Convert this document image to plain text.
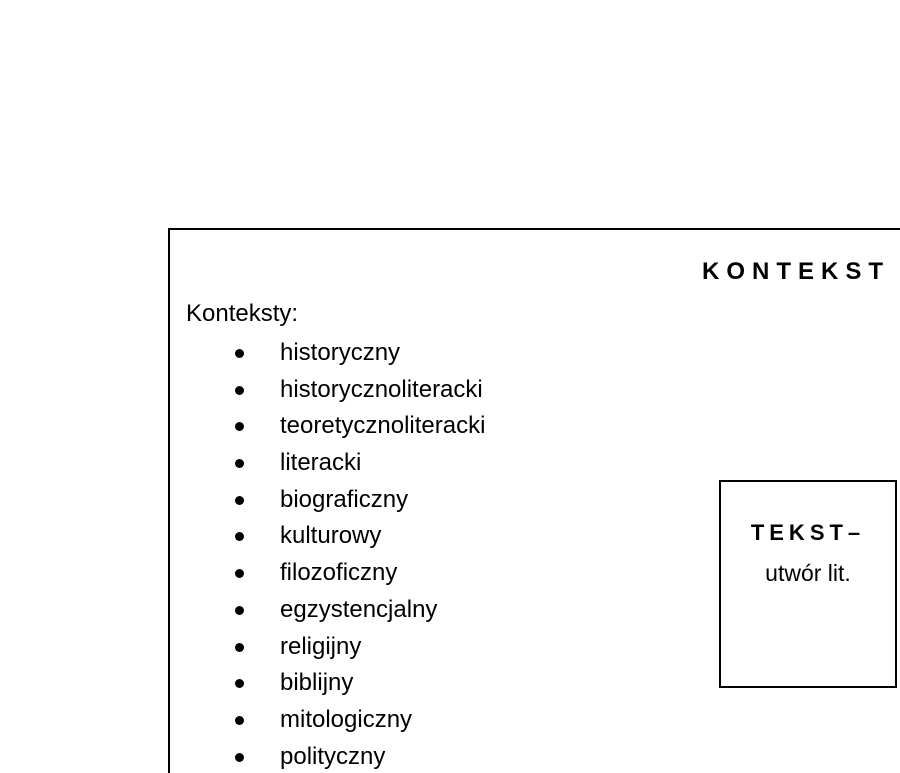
KONTEKST
Konteksty:
historyczny
historycznoliteracki
teoretycznoliteracki
literacki
biograficzny
kulturowy
filozoficzny
egzystencjalny
religijny
biblijny
mitologiczny
polityczny
TEKST–
utwór lit.
